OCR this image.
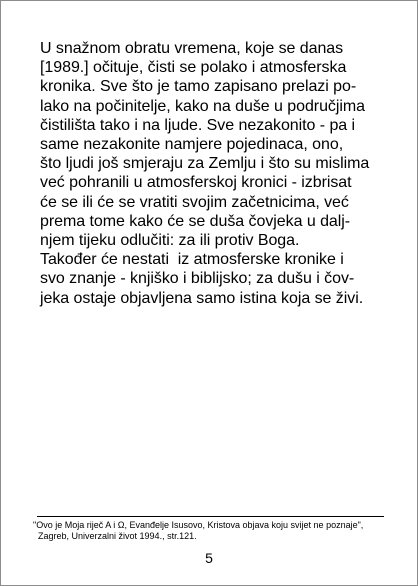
U snažnom obratu vremena, koje se danas
[1989.] očituje, čisti se polako i atmosferska
kronika. Sve što je tamo zapisano prelazi po-
lako na počinitelje, kako na duše u područjima
čistilišta tako i na ljude. Sve nezakonito - pa i
same nezakonite namjere pojedinaca, ono,
što ljudi još smjeraju za Zemlju i što su mislima
već pohranili u atmosferskoj kronici - izbrisat
će se ili će se vratiti svojim začetnicima, već
prema tome kako će se duša čovjeka u dalj-
njem tijeku odlučiti: za ili protiv Boga.
Također će nestati  iz atmosferske kronike i
svo znanje - knjiško i biblijsko; za dušu i čov-
jeka ostaje objavljena samo istina koja se živi.
"Ovo je Moja riječ A i Ω, Evanđelje Isusovo, Kristova objava koju svijet ne poznaje",
Zagreb, Univerzalni život 1994., str.121.
5
